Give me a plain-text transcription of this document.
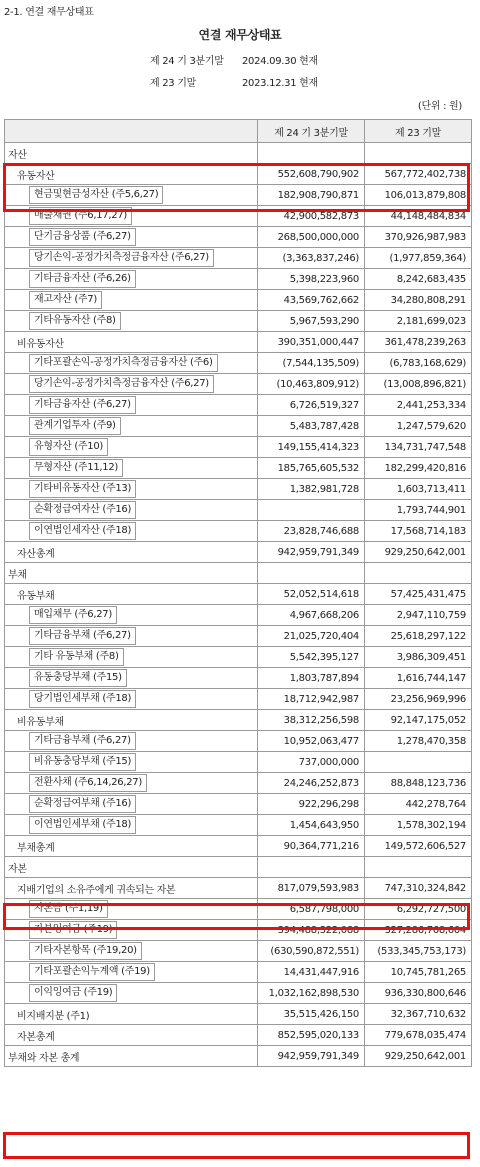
2-1. 연결 재무상태표
연결 재무상태표
제 24 기 3분기말 2024.09.30 현재
제 23 기말	2023.12.31 현재
(단위 : 원)
	제 24 기 3분기말	제 23 기말
자산		
유동자산	552,608,790,902	567,772,402,738
현금및현금성자산 (주5,6,27)	182,908,790,871	106,013,879,808
매출채권 (주6,17,27)	42,900,582,873	44,148,484,834
단기금융상품 (주6,27)	268,500,000,000	370,926,987,983
당기손익-공정가치측정금융자산 (주6,27)	(3,363,837,246)	(1,977,859,364)
기타금융자산 (주6,26)	5,398,223,960	8,242,683,435
재고자산 (주7)	43,569,762,662	34,280,808,291
기타유동자산 (주8)	5,967,593,290	2,181,699,023
비유동자산	390,351,000,447	361,478,239,263
기타포괄손익-공정가치측정금융자산 (주6)	(7,544,135,509)	(6,783,168,629)
당기손익-공정가치측정금융자산 (주6,27)	(10,463,809,912)	(13,008,896,821)
기타금융자산 (주6,27)	6,726,519,327	2,441,253,334
관계기업투자 (주9)	5,483,787,428	1,247,579,620
유형자산 (주10)	149,155,414,323	134,731,747,548
무형자산 (주11,12)	185,765,605,532	182,299,420,816
기타비유동자산 (주13)	1,382,981,728	1,603,713,411
순확정급여자산 (주16)		1,793,744,901
이연법인세자산 (주18)	23,828,746,688	17,568,714,183
자산총계	942,959,791,349	929,250,642,001
부채		
유동부채	52,052,514,618	57,425,431,475
매입채무 (주6,27)	4,967,668,206	2,947,110,759
기타금융부채 (주6,27)	21,025,720,404	25,618,297,122
기타 유동부채 (주8)	5,542,395,127	3,986,309,451
유동충당부채 (주15)	1,803,787,894	1,616,744,147
당기법인세부채 (주18)	18,712,942,987	23,256,969,996
비유동부채	38,312,256,598	92,147,175,052
기타금융부채 (주6,27)	10,952,063,477	1,278,470,358
비유동충당부채 (주15)	737,000,000	
전환사채 (주6,14,26,27)	24,246,252,873	88,848,123,736
순확정급여부채 (주16)	922,296,298	442,278,764
이연법인세부채 (주18)	1,454,643,950	1,578,302,194
부채총계	90,364,771,216	149,572,606,527
자본		
지배기업의 소유주에게 귀속되는 자본	817,079,593,983	747,310,324,842
자본금 (주1,19)	6,587,798,000	6,292,727,500
자본잉여금 (주19)	394,488,322,088	327,286,768,604
기타자본항목 (주19,20)	(630,590,872,551)	(533,345,753,173)
기타포괄손익누계액 (주19)	14,431,447,916	10,745,781,265
이익잉여금 (주19)	1,032,162,898,530	936,330,800,646
비지배지분 (주1)	35,515,426,150	32,367,710,632
자본총계	852,595,020,133	779,678,035,474
부채와 자본 총계	942,959,791,349	929,250,642,001
